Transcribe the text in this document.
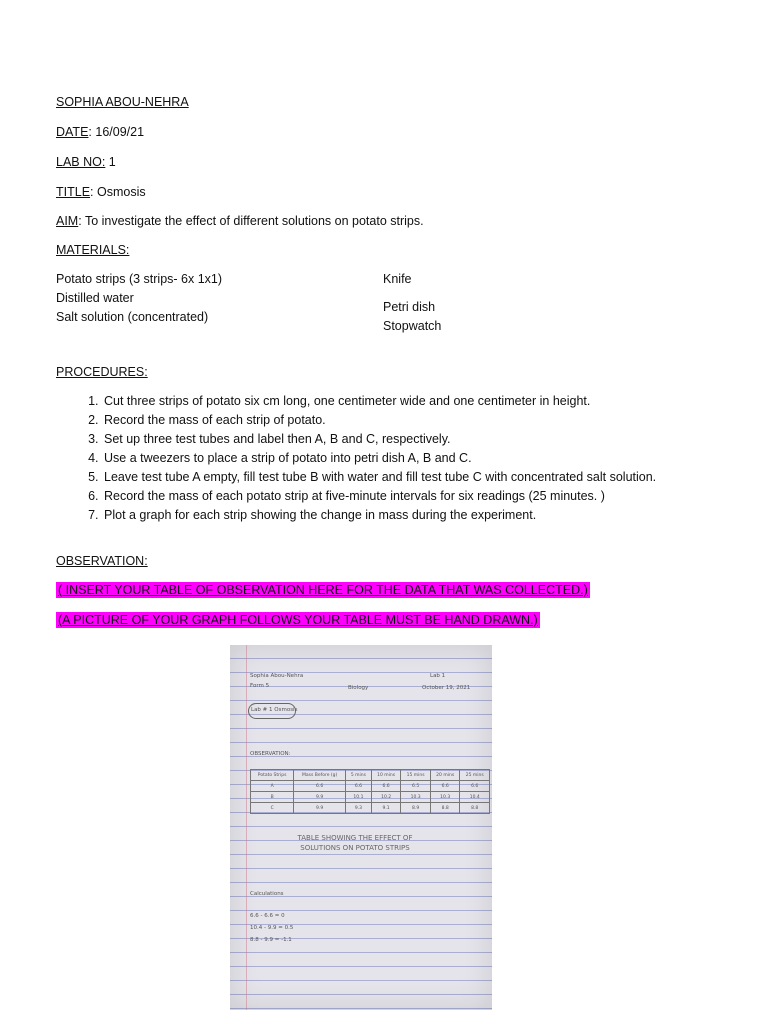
SOPHIA ABOU-NEHRA
DATE: 16/09/21
LAB NO: 1
TITLE: Osmosis
AIM: To investigate the effect of different solutions on potato strips.
MATERIALS:
Potato strips (3 strips- 6x 1x1)
Distilled water
Salt solution (concentrated)
Knife
Petri dish
Stopwatch
PROCEDURES:
1. Cut three strips of potato six cm long, one centimeter wide and one centimeter in height.
2. Record the mass of each strip of potato.
3. Set up three test tubes and label then A, B and C, respectively.
4. Use a tweezers to place a strip of potato into petri dish A, B and C.
5. Leave test tube A empty, fill test tube B with water and fill test tube C with concentrated salt solution.
6. Record the mass of each potato strip at five-minute intervals for six readings (25 minutes. )
7. Plot a graph for each strip showing the change in mass during the experiment.
OBSERVATION:
( INSERT YOUR TABLE OF OBSERVATION HERE FOR THE DATA THAT WAS COLLECTED.)
(A PICTURE OF YOUR GRAPH FOLLOWS YOUR TABLE MUST BE HAND DRAWN.)
Sophia Abou-Nehra
Form 5	Biology
Lab 1
October 19, 2021
Lab # 1 Osmosis
OBSERVATION:
Potato Strips	Mass Before (g)	5 mins	10 mins	15 mins	20 mins	25 mins
A	6.6	6.6	6.6	6.5	6.6	6.6
B	9.9	10.1	10.2	10.3	10.3	10.4
C	9.9	9.3	9.1	8.9	8.8	8.8
TABLE SHOWING THE EFFECT OF SOLUTIONS ON POTATO STRIPS
Calculations
6.6 - 6.6 = 0
10.4 - 9.9 = 0.5
8.8 - 9.9 = -1.1
